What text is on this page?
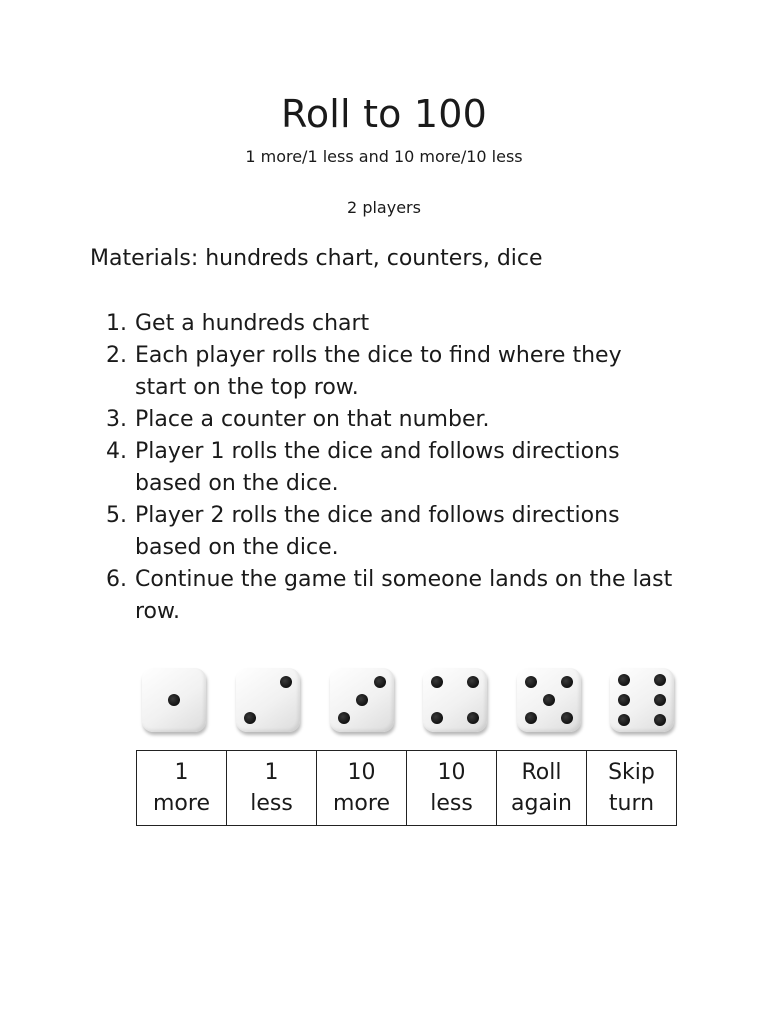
Roll to 100
1 more/1 less and 10 more/10 less
2 players
Materials: hundreds chart, counters, dice
1. Get a hundreds chart
2. Each player rolls the dice to find where they start on the top row.
3. Place a counter on that number.
4. Player 1 rolls the dice and follows directions based on the dice.
5. Player 2 rolls the dice and follows directions based on the dice.
6. Continue the game til someone lands on the last row.
1
more

1
less

10
more

10
less

Roll
again

Skip
turn
